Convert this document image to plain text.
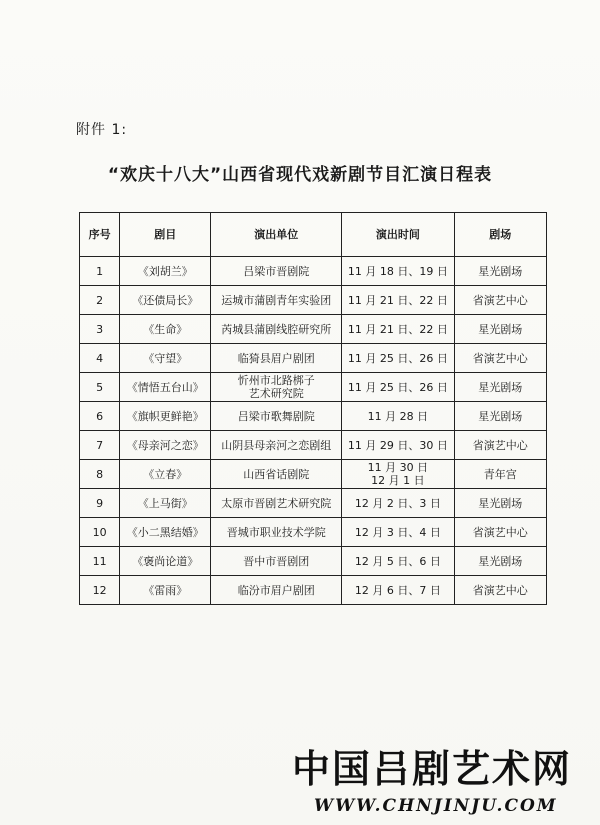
附件 1:
“欢庆十八大”山西省现代戏新剧节目汇演日程表
序号	剧目	演出单位	演出时间	剧场
1	《刘胡兰》	吕梁市晋剧院	11 月 18 日、19 日	星光剧场
2	《还债局长》	运城市蒲剧青年实验团	11 月 21 日、22 日	省演艺中心
3	《生命》	芮城县蒲剧线腔研究所	11 月 21 日、22 日	星光剧场
4	《守望》	临猗县眉户剧团	11 月 25 日、26 日	省演艺中心
5	《情悟五台山》	忻州市北路梆子
艺术研究院	11 月 25 日、26 日	星光剧场
6	《旗帜更鲜艳》	吕梁市歌舞剧院	11 月 28 日	星光剧场
7	《母亲河之恋》	山阴县母亲河之恋剧组	11 月 29 日、30 日	省演艺中心
8	《立春》	山西省话剧院	11 月 30 日
12 月 1 日	青年宫
9	《上马街》	太原市晋剧艺术研究院	12 月 2 日、3 日	星光剧场
10	《小二黑结婚》	晋城市职业技术学院	12 月 3 日、4 日	省演艺中心
11	《褒尚论道》	晋中市晋剧团	12 月 5 日、6 日	星光剧场
12	《雷雨》	临汾市眉户剧团	12 月 6 日、7 日	省演艺中心
中国吕剧艺术网
WWW.CHNJINJU.COM
